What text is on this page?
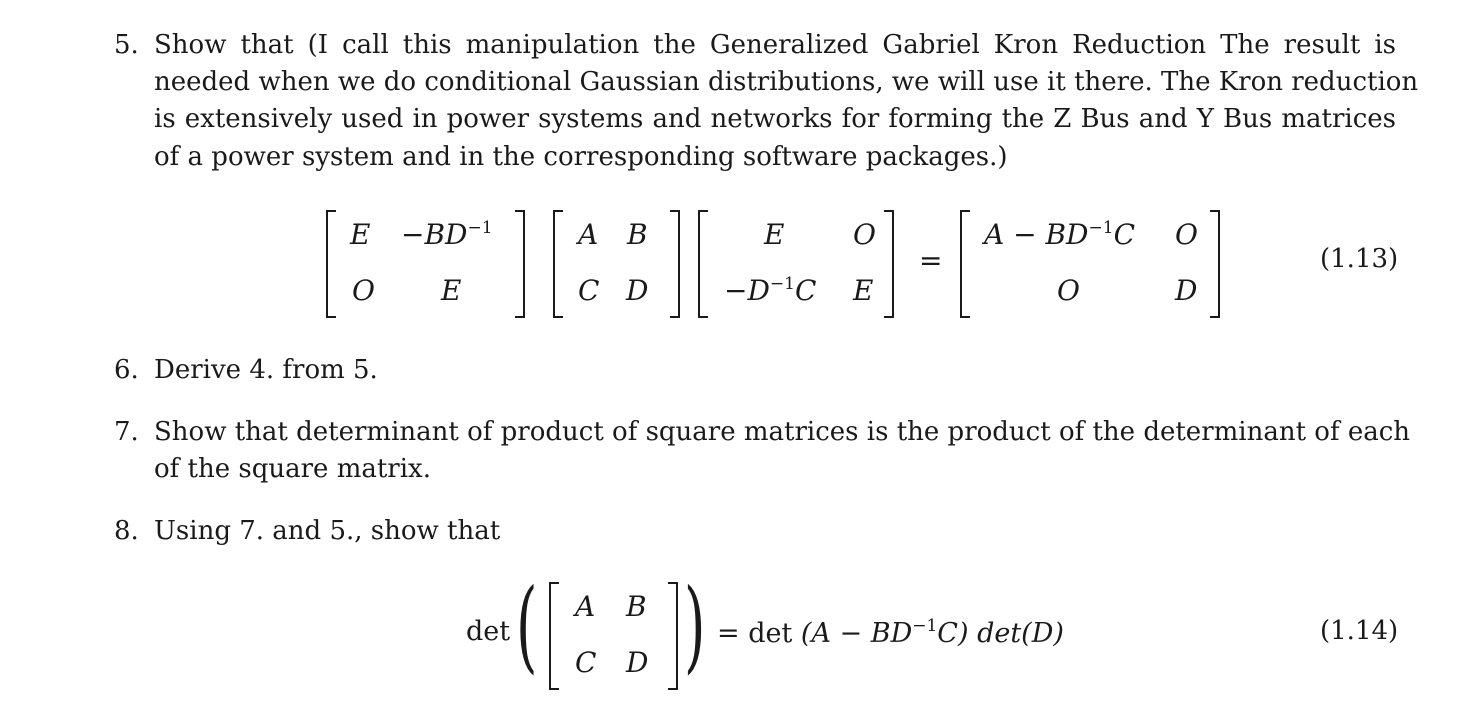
5. Show that (I call this manipulation the Generalized Gabriel Kron Reduction The result is
needed when we do conditional Gaussian distributions, we will use it there. The Kron reduction
is extensively used in power systems and networks for forming the Z Bus and Y Bus matrices
of a power system and in the corresponding software packages.)
$E -BD^{-1}$
O E
A B
C D
E O
$-D^{-1}C$ E
=
$A - BD^{-1}C$ O
O	D
(1.13)
6. Derive 4. from 5.
7. Show that determinant of product of square matrices is the product of the determinant of each
of the square matrix.
8. Using 7. and 5., show that
det ( A B
C D ) = $\det (A - BD^{-1}C)$ det(D)	(1.14)
